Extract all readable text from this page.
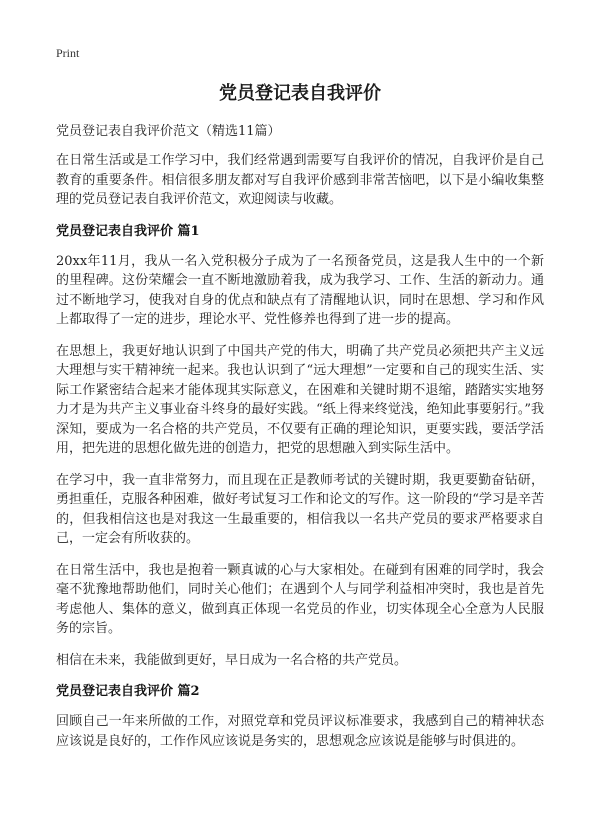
Print
党员登记表自我评价
党员登记表自我评价范文（精选11篇）

在日常生活或是工作学习中，我们经常遇到需要写自我评价的情况，自我评价是自己教育的重要条件。相信很多朋友都对写自我评价感到非常苦恼吧，以下是小编收集整理的党员登记表自我评价范文，欢迎阅读与收藏。

党员登记表自我评价 篇1

20xx年11月，我从一名入党积极分子成为了一名预备党员，这是我人生中的一个新的里程碑。这份荣耀会一直不断地激励着我，成为我学习、工作、生活的新动力。通过不断地学习，使我对自身的优点和缺点有了清醒地认识，同时在思想、学习和作风上都取得了一定的进步，理论水平、党性修养也得到了进一步的提高。

在思想上，我更好地认识到了中国共产党的伟大，明确了共产党员必须把共产主义远大理想与实干精神统一起来。我也认识到了“远大理想”一定要和自己的现实生活、实际工作紧密结合起来才能体现其实际意义，在困难和关键时期不退缩，踏踏实实地努力才是为共产主义事业奋斗终身的最好实践。“纸上得来终觉浅，绝知此事要躬行。”我深知，要成为一名合格的共产党员，不仅要有正确的理论知识，更要实践，要活学活用，把先进的思想化做先进的创造力，把党的思想融入到实际生活中。

在学习中，我一直非常努力，而且现在正是教师考试的关键时期，我更要勤奋钻研，勇担重任，克服各种困难，做好考试复习工作和论文的写作。这一阶段的“学习是辛苦的，但我相信这也是对我这一生最重要的，相信我以一名共产党员的要求严格要求自己，一定会有所收获的。

在日常生活中，我也是抱着一颗真诚的心与大家相处。在碰到有困难的同学时，我会毫不犹豫地帮助他们，同时关心他们；在遇到个人与同学利益相冲突时，我也是首先考虑他人、集体的意义，做到真正体现一名党员的作业，切实体现全心全意为人民服务的宗旨。

相信在未来，我能做到更好，早日成为一名合格的共产党员。

党员登记表自我评价 篇2

回顾自己一年来所做的工作，对照党章和党员评议标准要求，我感到自己的精神状态应该说是良好的，工作作风应该说是务实的，思想观念应该说是能够与时俱进的。
